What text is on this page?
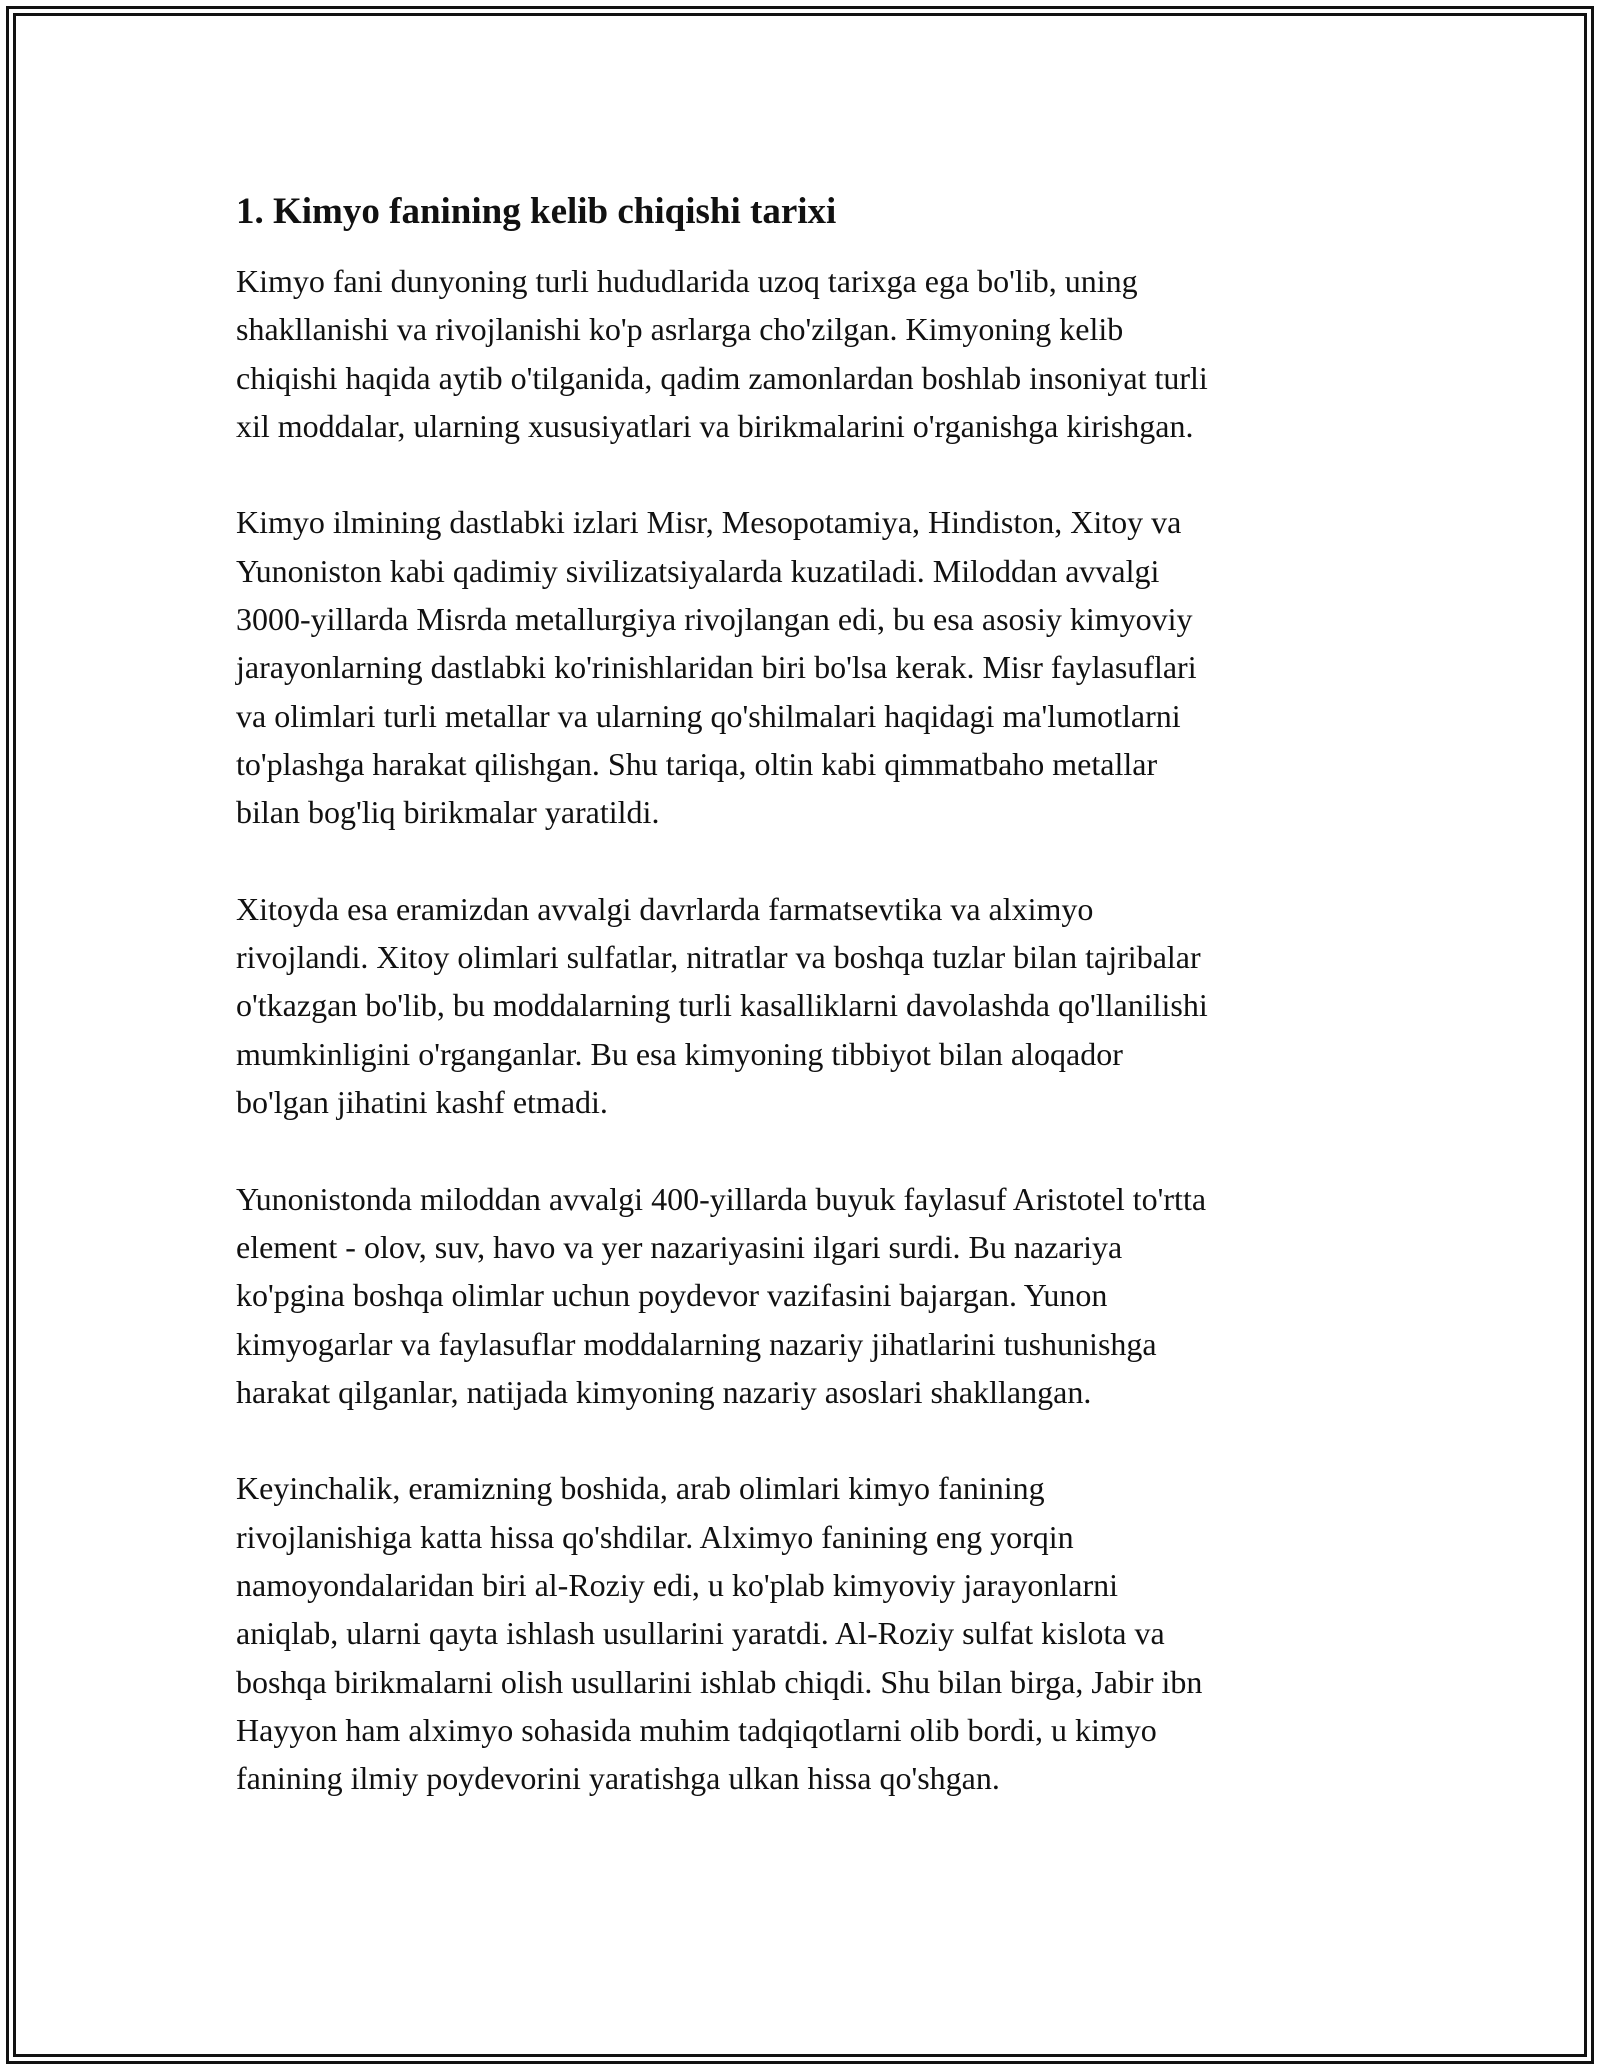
1. Kimyo fanining kelib chiqishi tarixi

Kimyo fani dunyoning turli hududlarida uzoq tarixga ega bo'lib, uning
shakllanishi va rivojlanishi ko'p asrlarga cho'zilgan. Kimyoning kelib
chiqishi haqida aytib o'tilganida, qadim zamonlardan boshlab insoniyat turli
xil moddalar, ularning xususiyatlari va birikmalarini o'rganishga kirishgan.

Kimyo ilmining dastlabki izlari Misr, Mesopotamiya, Hindiston, Xitoy va
Yunoniston kabi qadimiy sivilizatsiyalarda kuzatiladi. Miloddan avvalgi
3000-yillarda Misrda metallurgiya rivojlangan edi, bu esa asosiy kimyoviy
jarayonlarning dastlabki ko'rinishlaridan biri bo'lsa kerak. Misr faylasuflari
va olimlari turli metallar va ularning qo'shilmalari haqidagi ma'lumotlarni
to'plashga harakat qilishgan. Shu tariqa, oltin kabi qimmatbaho metallar
bilan bog'liq birikmalar yaratildi.

Xitoyda esa eramizdan avvalgi davrlarda farmatsevtika va alximyo
rivojlandi. Xitoy olimlari sulfatlar, nitratlar va boshqa tuzlar bilan tajribalar
o'tkazgan bo'lib, bu moddalarning turli kasalliklarni davolashda qo'llanilishi
mumkinligini o'rganganlar. Bu esa kimyoning tibbiyot bilan aloqador
bo'lgan jihatini kashf etmadi.

Yunonistonda miloddan avvalgi 400-yillarda buyuk faylasuf Aristotel to'rtta
element - olov, suv, havo va yer nazariyasini ilgari surdi. Bu nazariya
ko'pgina boshqa olimlar uchun poydevor vazifasini bajargan. Yunon
kimyogarlar va faylasuflar moddalarning nazariy jihatlarini tushunishga
harakat qilganlar, natijada kimyoning nazariy asoslari shakllangan.

Keyinchalik, eramizning boshida, arab olimlari kimyo fanining
rivojlanishiga katta hissa qo'shdilar. Alximyo fanining eng yorqin
namoyondalaridan biri al-Roziy edi, u ko'plab kimyoviy jarayonlarni
aniqlab, ularni qayta ishlash usullarini yaratdi. Al-Roziy sulfat kislota va
boshqa birikmalarni olish usullarini ishlab chiqdi. Shu bilan birga, Jabir ibn
Hayyon ham alximyo sohasida muhim tadqiqotlarni olib bordi, u kimyo
fanining ilmiy poydevorini yaratishga ulkan hissa qo'shgan.
